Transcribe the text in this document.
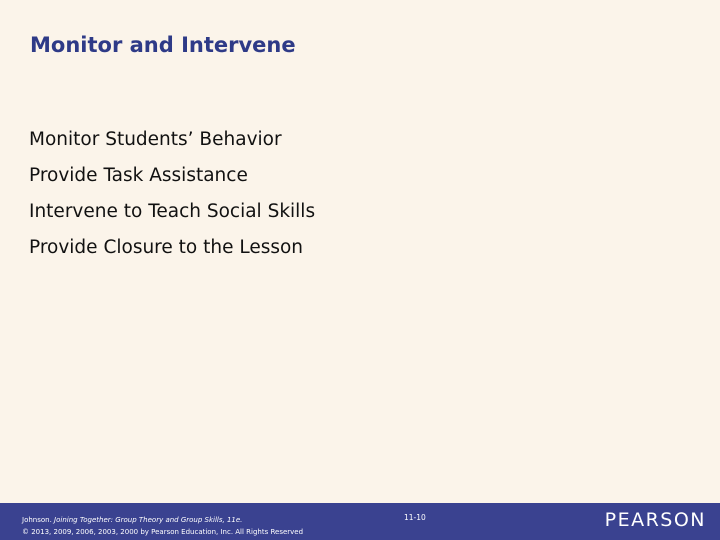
Monitor and Intervene
Monitor Students’ Behavior
Provide Task Assistance
Intervene to Teach Social Skills
Provide Closure to the Lesson
Johnson. Joining Together: Group Theory and Group Skills, 11e.
© 2013, 2009, 2006, 2003, 2000 by Pearson Education, Inc. All Rights Reserved
11-10	PEARSON
